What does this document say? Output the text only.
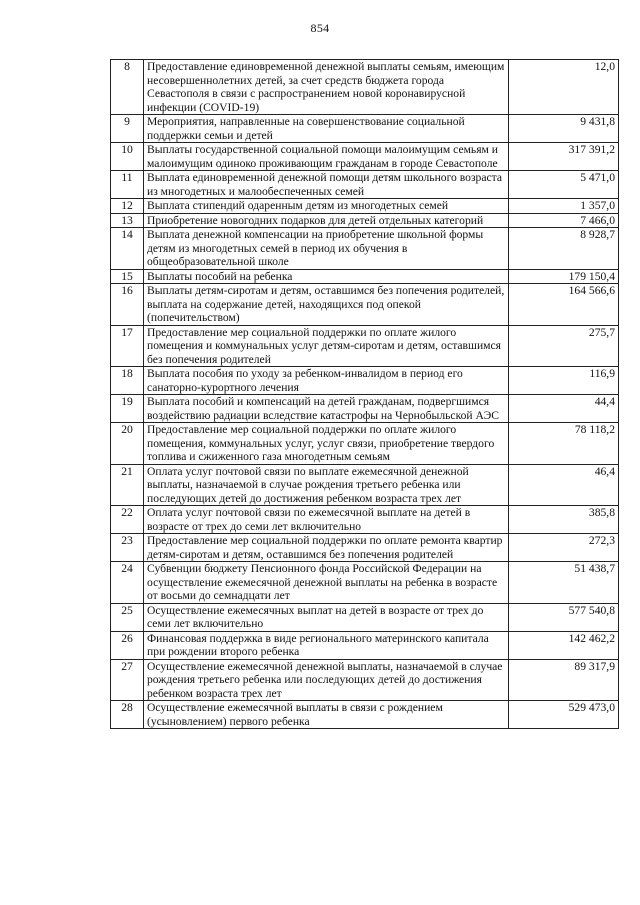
854
8	Предоставление единовременной денежной выплаты семьям, имеющим несовершеннолетних детей, за счет средств бюджета города Севастополя в связи с распространением новой коронавирусной инфекции (COVID-19)	12,0
9	Мероприятия, направленные на совершенствование социальной поддержки семьи и детей	9 431,8
10	Выплаты государственной социальной помощи малоимущим семьям и малоимущим одиноко проживающим гражданам в городе Севастополе	317 391,2
11	Выплата единовременной денежной помощи детям школьного возраста из многодетных и малообеспеченных семей	5 471,0
12	Выплата стипендий одаренным детям из многодетных семей	1 357,0
13	Приобретение новогодних подарков для детей отдельных категорий	7 466,0
14	Выплата денежной компенсации на приобретение школьной формы детям из многодетных семей в период их обучения в общеобразовательной школе	8 928,7
15	Выплаты пособий на ребенка	179 150,4
16	Выплаты детям-сиротам и детям, оставшимся без попечения родителей, выплата на содержание детей, находящихся под опекой (попечительством)	164 566,6
17	Предоставление мер социальной поддержки по оплате жилого помещения и коммунальных услуг детям-сиротам и детям, оставшимся без попечения родителей	275,7
18	Выплата пособия по уходу за ребенком-инвалидом в период его санаторно-курортного лечения	116,9
19	Выплата пособий и компенсаций на детей гражданам, подвергшимся воздействию радиации вследствие катастрофы на Чернобыльской АЭС	44,4
20	Предоставление мер социальной поддержки по оплате жилого помещения, коммунальных услуг, услуг связи, приобретение твердого топлива и сжиженного газа многодетным семьям	78 118,2
21	Оплата услуг почтовой связи по выплате ежемесячной денежной выплаты, назначаемой в случае рождения третьего ребенка или последующих детей до достижения ребенком возраста трех лет	46,4
22	Оплата услуг почтовой связи по ежемесячной выплате на детей в возрасте от трех до семи лет включительно	385,8
23	Предоставление мер социальной поддержки по оплате ремонта квартир детям-сиротам и детям, оставшимся без попечения родителей	272,3
24	Субвенции бюджету Пенсионного фонда Российской Федерации на осуществление ежемесячной денежной выплаты на ребенка в возрасте от восьми до семнадцати лет	51 438,7
25	Осуществление ежемесячных выплат на детей в возрасте от трех до семи лет включительно	577 540,8
26	Финансовая поддержка в виде регионального материнского капитала при рождении второго ребенка	142 462,2
27	Осуществление ежемесячной денежной выплаты, назначаемой в случае рождения третьего ребенка или последующих детей до достижения ребенком возраста трех лет	89 317,9
28	Осуществление ежемесячной выплаты в связи с рождением (усыновлением) первого ребенка	529 473,0
